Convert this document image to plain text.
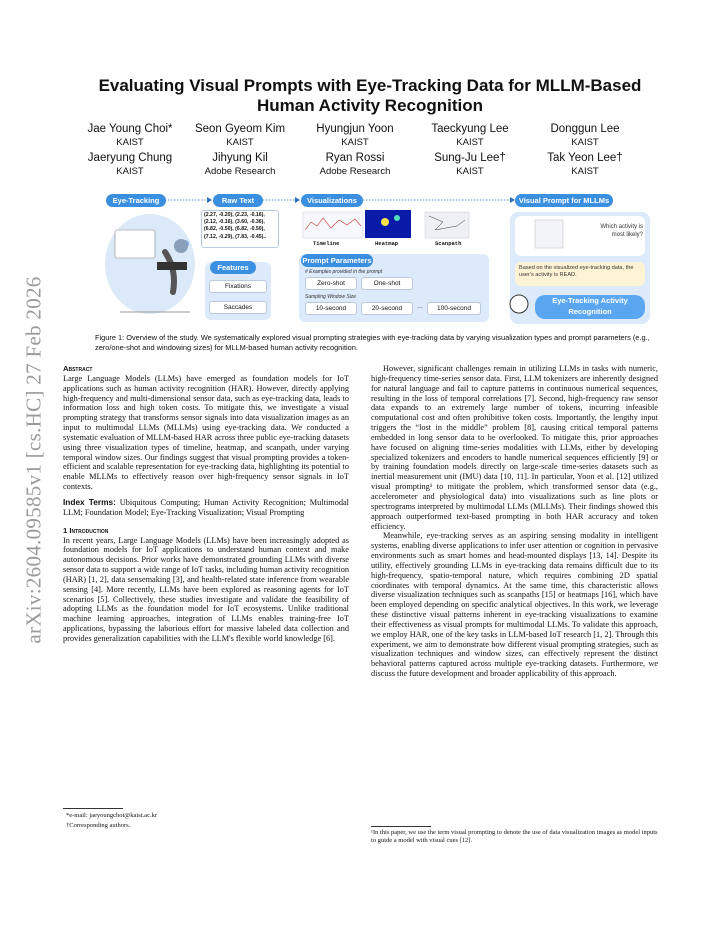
arXiv:2604.09585v1 [cs.HC] 27 Feb 2026
Evaluating Visual Prompts with Eye-Tracking Data for MLLM-Based Human Activity Recognition
Jae Young Choi*
KAIST
Seon Gyeom Kim
KAIST
Hyungjun Yoon
KAIST
Taeckyung Lee
KAIST
Donggun Lee
KAIST
Jaeryung Chung
KAIST
Jihyung Kil
Adobe Research
Ryan Rossi
Adobe Research
Sung-Ju Lee†
KAIST
Tak Yeon Lee†
KAIST
Eye-Tracking	Raw Text
(2.27, -0.20), (2.23, -0.16),
(2.12, -0.16), (3.60, -0.36),
(6.82, -0.50), (6.82, -0.50),
(7.12, -0.29), (7.83, -0.45)..
Features
Fixations
Saccades
Visualizations
Timeline	Heatmap	Scanpath
Prompt Parameters
# Examples provided in the prompt
Zero-shot	One-shot
Sampling Window Size
10-second	20-second	...	100-second
Visual Prompt for MLLMs
Which activity is most likely?
Based on the visualized eye-tracking data, the user's activity is READ.
Eye-Tracking Activity Recognition
Figure 1: Overview of the study. We systematically explored visual prompting strategies with eye-tracking data by varying visualization types and prompt parameters (e.g., zero/one-shot and windowing sizes) for MLLM-based human activity recognition.

Abstract

Large Language Models (LLMs) have emerged as foundation models for IoT applications such as human activity recognition (HAR). However, directly applying high-frequency and multi-dimensional sensor data, such as eye-tracking data, leads to information loss and high token costs. To mitigate this, we investigate a visual prompting strategy that transforms sensor signals into data visualization images as an input to multimodal LLMs (MLLMs) using eye-tracking data. We conducted a systematic evaluation of MLLM-based HAR across three public eye-tracking datasets using three visualization types of timeline, heatmap, and scanpath, under varying temporal window sizes. Our findings suggest that visual prompting provides a token-efficient and scalable representation for eye-tracking data, highlighting its potential to enable MLLMs to effectively reason over high-frequency sensor signals in IoT contexts.

Index Terms: Ubiquitous Computing; Human Activity Recognition; Multimodal LLM; Foundation Model; Eye-Tracking Visualization; Visual Prompting

1 Introduction

In recent years, Large Language Models (LLMs) have been increasingly adopted as foundation models for IoT applications to understand human context and make autonomous decisions. Prior works have demonstrated grounding LLMs with diverse sensor data to support a wide range of IoT tasks, including human activity recognition (HAR) [1, 2], data sensemaking [3], and health-related state inference from wearable sensing [4]. More recently, LLMs have been explored as reasoning agents for IoT scenarios [5]. Collectively, these studies investigate and validate the feasibility of adopting LLMs as the foundation model for IoT ecosystems. Unlike traditional machine learning approaches, integration of LLMs enables training-free IoT applications, bypassing the laborious effort for massive labeled data collection and provides generalization capabilities with the LLM's flexible world knowledge [6].

*e-mail: jaeyoungchoi@kaist.ac.kr
†Corresponding authors.

However, significant challenges remain in utilizing LLMs in tasks with numeric, high-frequency time-series sensor data. First, LLM tokenizers are inherently designed for natural language and fail to capture patterns in continuous numerical sequences, resulting in the loss of temporal correlations [7]. Second, high-frequency raw sensor data expands to an extremely large number of tokens, incurring infeasible computational cost and often prohibitive token costs. Importantly, the lengthy input triggers the “lost in the middle” problem [8], causing critical temporal patterns embedded in long sensor data to be overlooked. To mitigate this, prior approaches have focused on aligning time-series modalities with LLMs, either by developing specialized tokenizers and encoders to handle numerical sequences efficiently [9] or by training foundation models directly on large-scale time-series datasets such as inertial measurement unit (IMU) data [10, 11]. In particular, Yoon et al. [12] utilized visual prompting¹ to mitigate the problem, which transformed sensor data (e.g., accelerometer and physiological data) into visualizations such as line plots or spectrograms interpreted by multimodal LLMs (MLLMs). Their findings showed this approach outperformed text-based prompting in both HAR accuracy and token efficiency.

Meanwhile, eye-tracking serves as an aspiring sensing modality in intelligent systems, enabling diverse applications to infer user attention or cognition in pervasive environments such as smart homes and head-mounted displays [13, 14]. Despite its utility, effectively grounding LLMs in eye-tracking data remains difficult due to its high-frequency, spatio-temporal nature, which requires combining 2D spatial coordinates with temporal dynamics. At the same time, this characteristic allows diverse visualization techniques such as scanpaths [15] or heatmaps [16], which have been employed depending on specific analytical objectives. In this work, we leverage these distinctive visual patterns inherent in eye-tracking visualizations to examine their effectiveness as visual prompts for multimodal LLMs. To validate this approach, we employ HAR, one of the key tasks in LLM-based IoT research [1, 2]. Through this experiment, we aim to demonstrate how different visual prompting strategies, such as visualization techniques and window sizes, can effectively represent the distinct behavioral patterns captured across multiple eye-tracking datasets. Furthermore, we discuss the future development and broader applicability of this approach.

¹In this paper, we use the term visual prompting to denote the use of data visualization images as model inputs to guide a model with visual cues [12].
